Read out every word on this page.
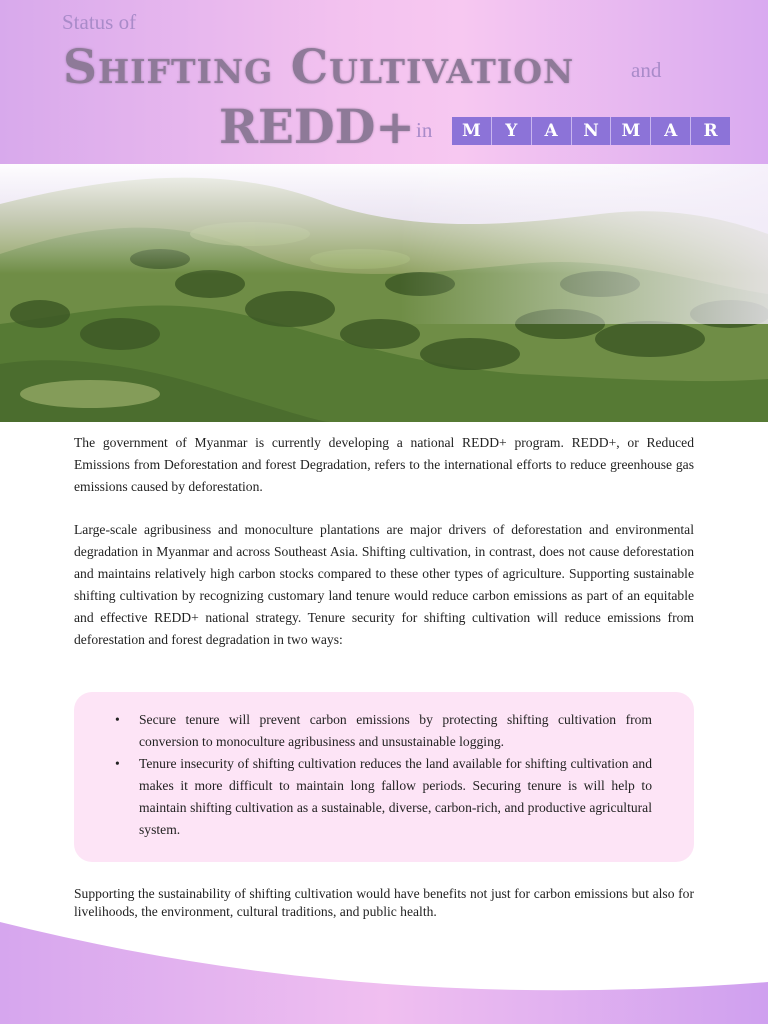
Status of
Shifting Cultivation	and
REDD+ in	M	Y	A	N	M	A	R
The government of Myanmar is currently developing a national REDD+ program. REDD+, or Reduced Emissions from Deforestation and forest Degradation, refers to the international efforts to reduce greenhouse gas emissions caused by deforestation.
Large-scale agribusiness and monoculture plantations are major drivers of deforestation and environmental degradation in Myanmar and across Southeast Asia. Shifting cultivation, in contrast, does not cause deforestation and maintains relatively high carbon stocks compared to these other types of agriculture. Supporting sustainable shifting cultivation by recognizing customary land tenure would reduce carbon emissions as part of an equitable and effective REDD+ national strategy. Tenure security for shifting cultivation will reduce emissions from deforestation and forest degradation in two ways:
• Secure tenure will prevent carbon emissions by protecting shifting cultivation from conversion to monoculture agribusiness and unsustainable logging.
• Tenure insecurity of shifting cultivation reduces the land available for shifting cultivation and makes it more difficult to maintain long fallow periods. Securing tenure is will help to maintain shifting cultivation as a sustainable, diverse, carbon-rich, and productive agricultural system.
Supporting the sustainability of shifting cultivation would have benefits not just for carbon emissions but also for livelihoods, the environment, cultural traditions, and public health.
